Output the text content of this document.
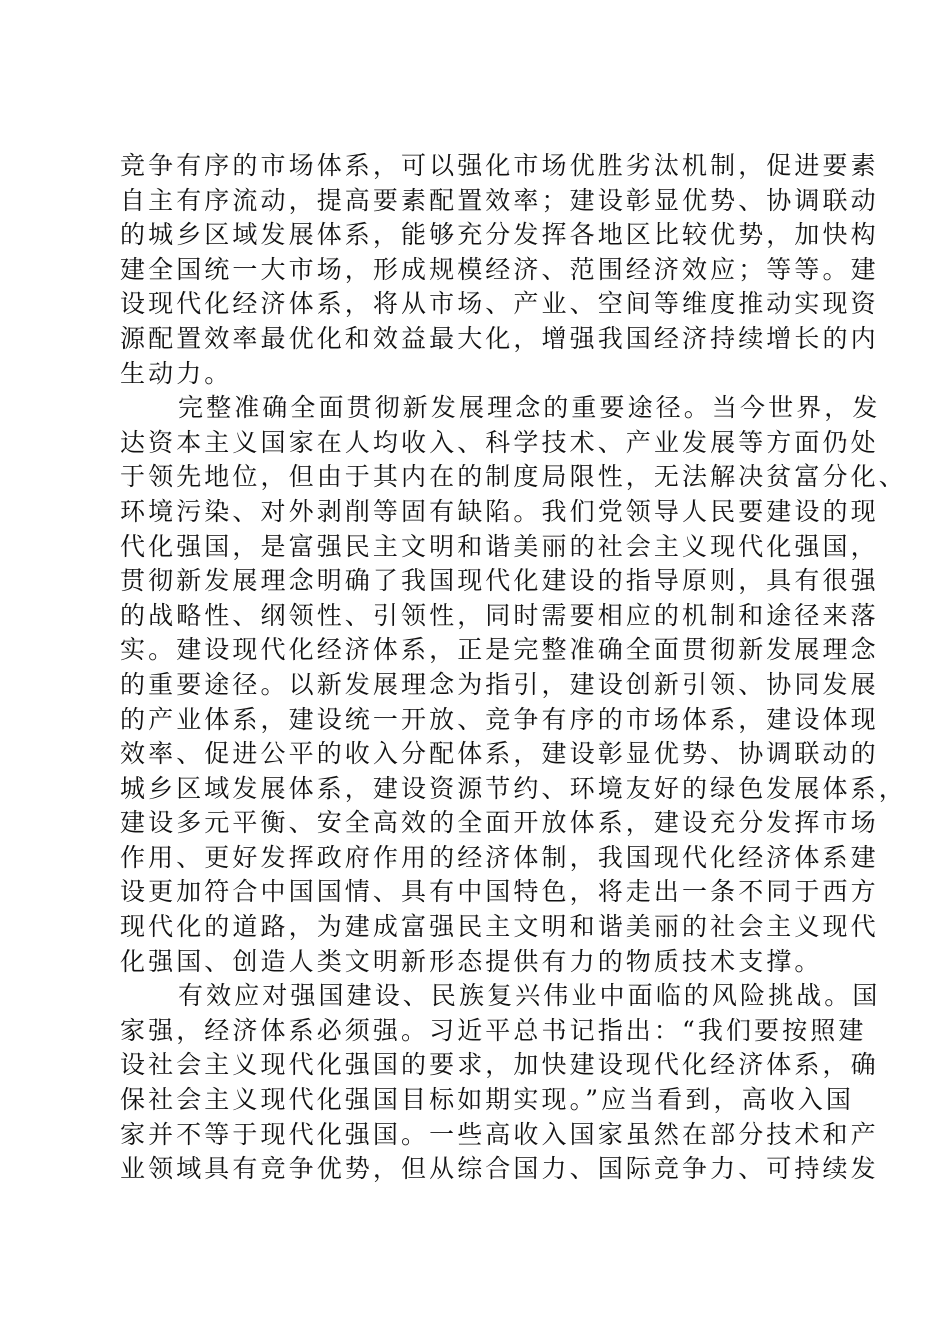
竞争有序的市场体系，可以强化市场优胜劣汰机制，促进要素
自主有序流动，提高要素配置效率；建设彰显优势、协调联动
的城乡区域发展体系，能够充分发挥各地区比较优势，加快构
建全国统一大市场，形成规模经济、范围经济效应；等等。建
设现代化经济体系，将从市场、产业、空间等维度推动实现资
源配置效率最优化和效益最大化，增强我国经济持续增长的内
生动力。
完整准确全面贯彻新发展理念的重要途径。当今世界，发
达资本主义国家在人均收入、科学技术、产业发展等方面仍处
于领先地位，但由于其内在的制度局限性，无法解决贫富分化、
环境污染、对外剥削等固有缺陷。我们党领导人民要建设的现
代化强国，是富强民主文明和谐美丽的社会主义现代化强国，
贯彻新发展理念明确了我国现代化建设的指导原则，具有很强
的战略性、纲领性、引领性，同时需要相应的机制和途径来落
实。建设现代化经济体系，正是完整准确全面贯彻新发展理念
的重要途径。以新发展理念为指引，建设创新引领、协同发展
的产业体系，建设统一开放、竞争有序的市场体系，建设体现
效率、促进公平的收入分配体系，建设彰显优势、协调联动的
城乡区域发展体系，建设资源节约、环境友好的绿色发展体系，
建设多元平衡、安全高效的全面开放体系，建设充分发挥市场
作用、更好发挥政府作用的经济体制，我国现代化经济体系建
设更加符合中国国情、具有中国特色，将走出一条不同于西方
现代化的道路，为建成富强民主文明和谐美丽的社会主义现代
化强国、创造人类文明新形态提供有力的物质技术支撑。
有效应对强国建设、民族复兴伟业中面临的风险挑战。国
家强，经济体系必须强。习近平总书记指出：“我们要按照建
设社会主义现代化强国的要求，加快建设现代化经济体系，确
保社会主义现代化强国目标如期实现。”应当看到，高收入国
家并不等于现代化强国。一些高收入国家虽然在部分技术和产
业领域具有竞争优势，但从综合国力、国际竞争力、可持续发
